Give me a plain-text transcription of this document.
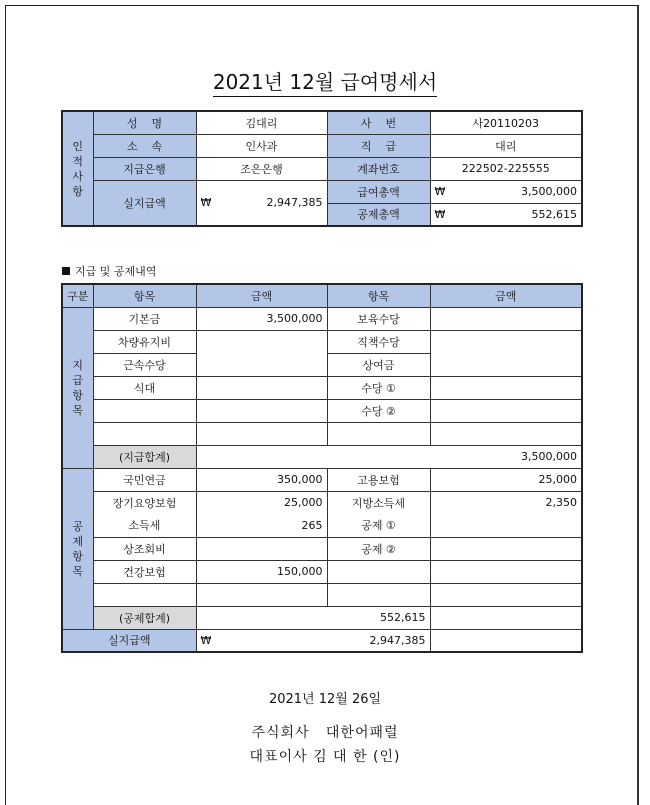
2021년 12월 급여명세서
인적사항	성    명	김대리	사    번	사20110203
	소    속	인사과	직    급	대리
	지급은행	조은은행	계좌번호	222502-225555
	실지급액	₩ 2,947,385	급여총액	₩ 3,500,000
			공제총액	₩ 552,615
지급 및 공제내역
구분	항목	금액	항목	금액

지급항목	기본금	3,500,000	보육수당	
	차량유지비		직책수당	
	근속수당		상여금	
	식대		수당 ①	
			수당 ②	

	(지급합계)	3,500,000		

공제항목	국민연금	350,000	고용보험	25,000
	장기요양보험	25,000	지방소득세	2,350
	소득세	265	공제 ①	
	상조회비		공제 ②	
	건강보험	150,000		

	(공제합계)	552,615		
실지급액		₩ 2,947,385		
2021년 12월 26일
주식회사   대한어패럴
대표이사 김 대 한 (인)
